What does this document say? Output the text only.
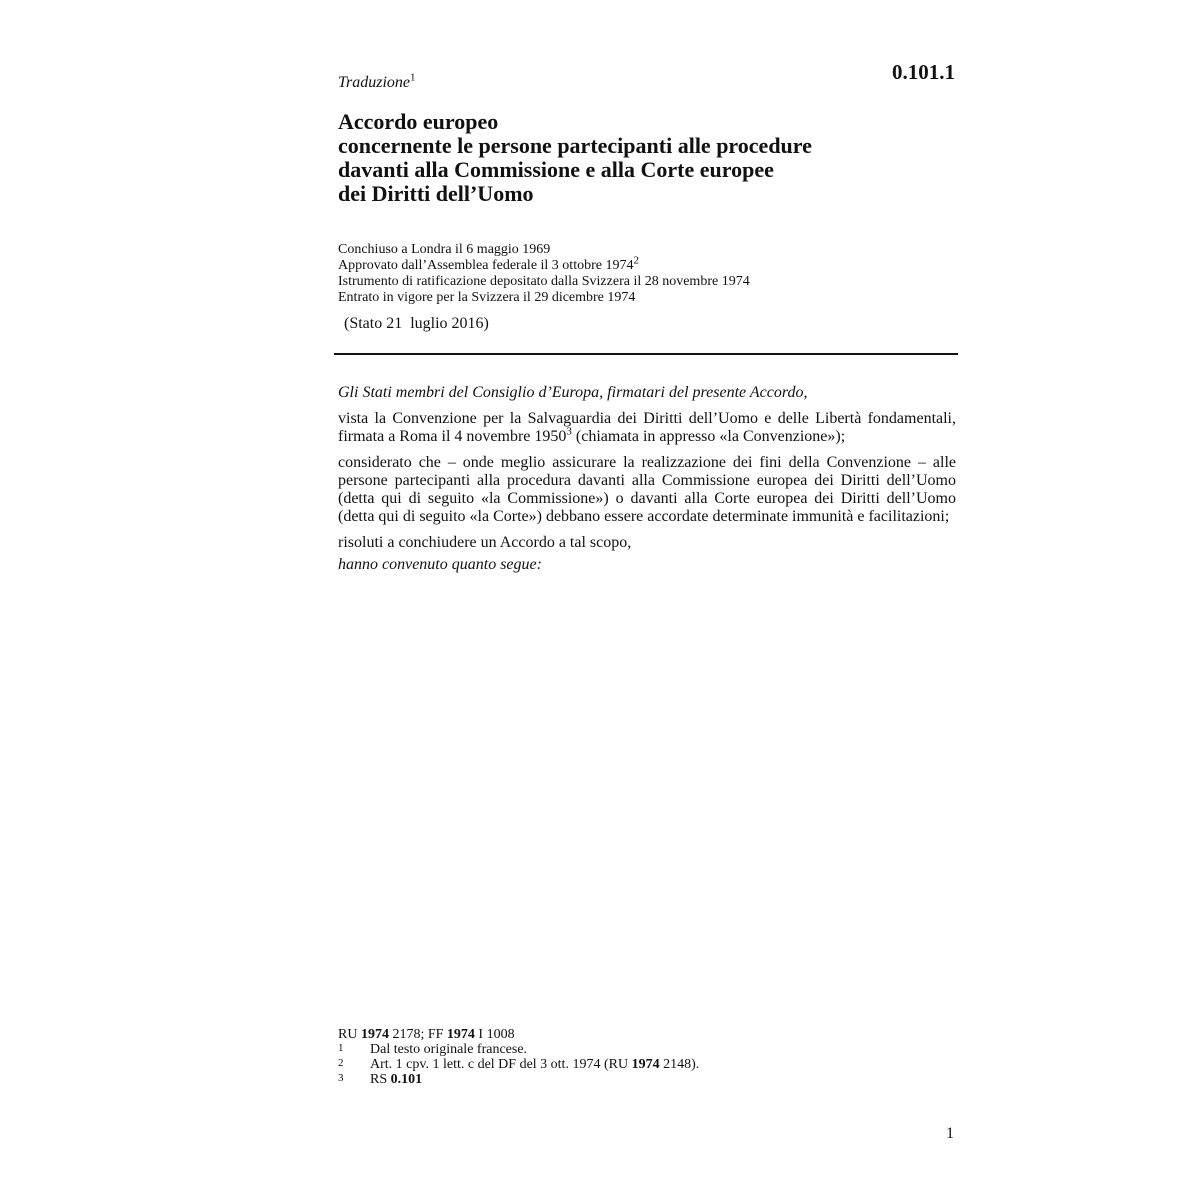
0.101.1
Traduzione$^1$
Accordo europeo
concernente le persone partecipanti alle procedure
davanti alla Commissione e alla Corte europee
dei Diritti dell’Uomo
Conchiuso a Londra il 6 maggio 1969
Approvato dall’Assemblea federale il 3 ottobre 1974$^2$
Istrumento di ratificazione depositato dalla Svizzera il 28 novembre 1974
Entrato in vigore per la Svizzera il 29 dicembre 1974
(Stato 21  luglio 2016)

Gli Stati membri del Consiglio d’Europa, firmatari del presente Accordo,

vista la Convenzione per la Salvaguardia dei Diritti dell’Uomo e delle Libertà fondamentali, firmata a Roma il 4 novembre 1950$^3$ (chiamata in appresso «la Convenzione»);

considerato che – onde meglio assicurare la realizzazione dei fini della Convenzione – alle persone partecipanti alla procedura davanti alla Commissione europea dei Diritti dell’Uomo (detta qui di seguito «la Commissione») o davanti alla Corte europea dei Diritti dell’Uomo (detta qui di seguito «la Corte») debbano essere accordate determinate immunità e facilitazioni;

risoluti a conchiudere un Accordo a tal scopo,

hanno convenuto quanto segue:

RU 1974 2178; FF 1974 I 1008
1	Dal testo originale francese.
2	Art. 1 cpv. 1 lett. c del DF del 3 ott. 1974 (RU 1974 2148).
3	RS 0.101
1
